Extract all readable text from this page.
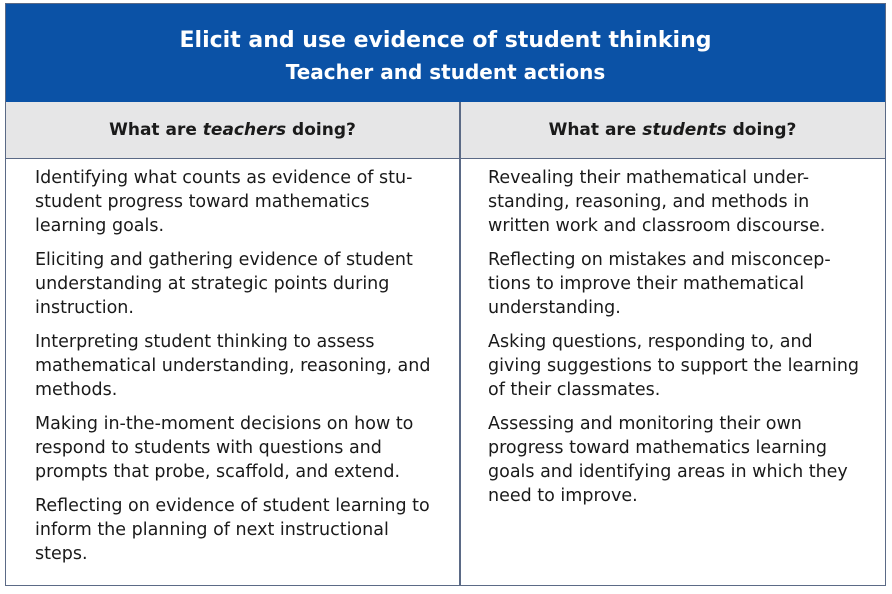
Elicit and use evidence of student thinking
Teacher and student actions
What are teachers doing?	What are students doing?
Identifying what counts as evidence of stu-student progress toward mathematics learning goals.
Eliciting and gathering evidence of student understanding at strategic points during instruction.
Interpreting student thinking to assess mathematical understanding, reasoning, and methods.
Making in-the-moment decisions on how to respond to students with questions and prompts that probe, scaffold, and extend.
Reflecting on evidence of student learning to inform the planning of next instructional steps.
Revealing their mathematical under-standing, reasoning, and methods in written work and classroom discourse.
Reflecting on mistakes and misconcep-tions to improve their mathematical understanding.
Asking questions, responding to, and giving suggestions to support the learning of their classmates.
Assessing and monitoring their own progress toward mathematics learning goals and identifying areas in which they need to improve.
